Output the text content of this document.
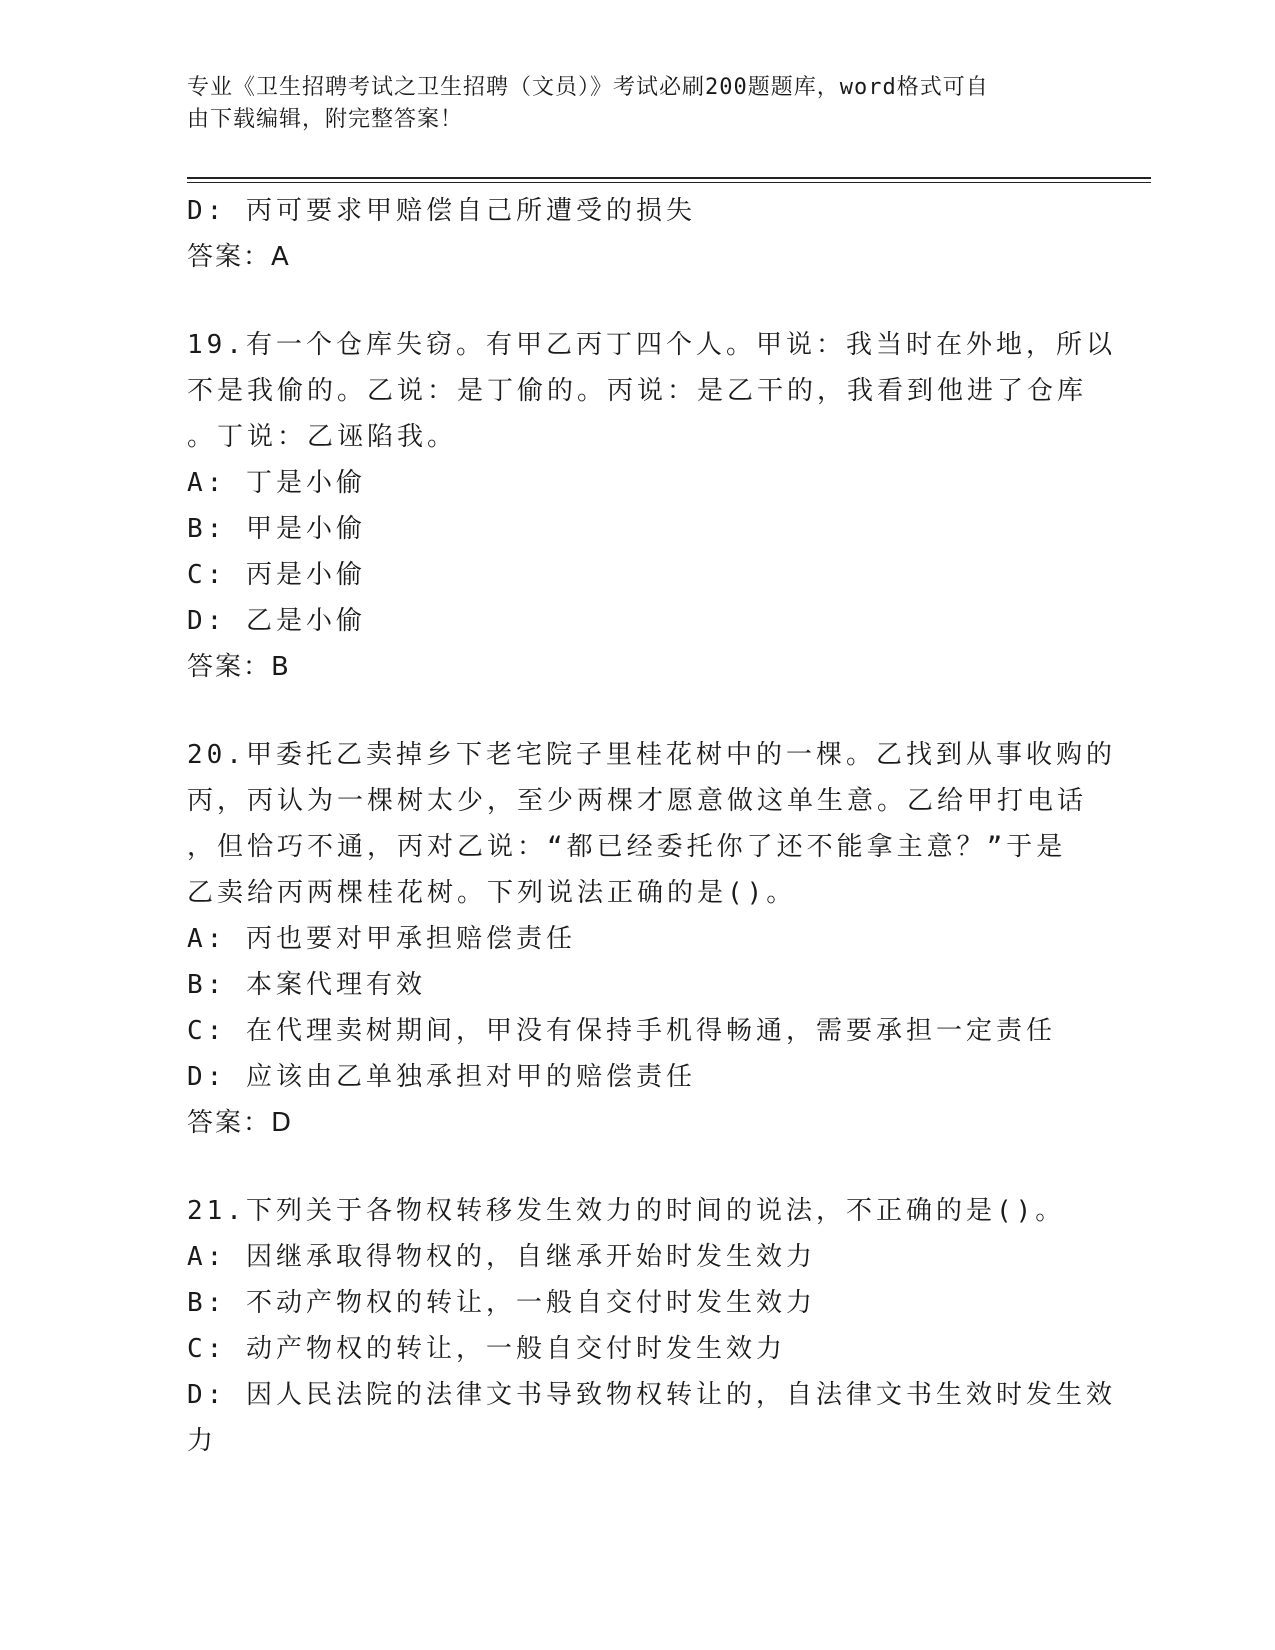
专业《卫生招聘考试之卫生招聘（文员）》考试必刷200题题库，word格式可自
由下载编辑，附完整答案！
D: 丙可要求甲赔偿自己所遭受的损失
答案：A
19.有一个仓库失窃。有甲乙丙丁四个人。甲说：我当时在外地，所以
不是我偷的。乙说：是丁偷的。丙说：是乙干的，我看到他进了仓库
。丁说：乙诬陷我。
A: 丁是小偷
B: 甲是小偷
C: 丙是小偷
D: 乙是小偷
答案：B
20.甲委托乙卖掉乡下老宅院子里桂花树中的一棵。乙找到从事收购的
丙，丙认为一棵树太少，至少两棵才愿意做这单生意。乙给甲打电话
，但恰巧不通，丙对乙说：“都已经委托你了还不能拿主意？”于是
乙卖给丙两棵桂花树。下列说法正确的是()。
A: 丙也要对甲承担赔偿责任
B: 本案代理有效
C: 在代理卖树期间，甲没有保持手机得畅通，需要承担一定责任
D: 应该由乙单独承担对甲的赔偿责任
答案：D
21.下列关于各物权转移发生效力的时间的说法，不正确的是()。
A: 因继承取得物权的，自继承开始时发生效力
B: 不动产物权的转让，一般自交付时发生效力
C: 动产物权的转让，一般自交付时发生效力
D: 因人民法院的法律文书导致物权转让的，自法律文书生效时发生效
力
